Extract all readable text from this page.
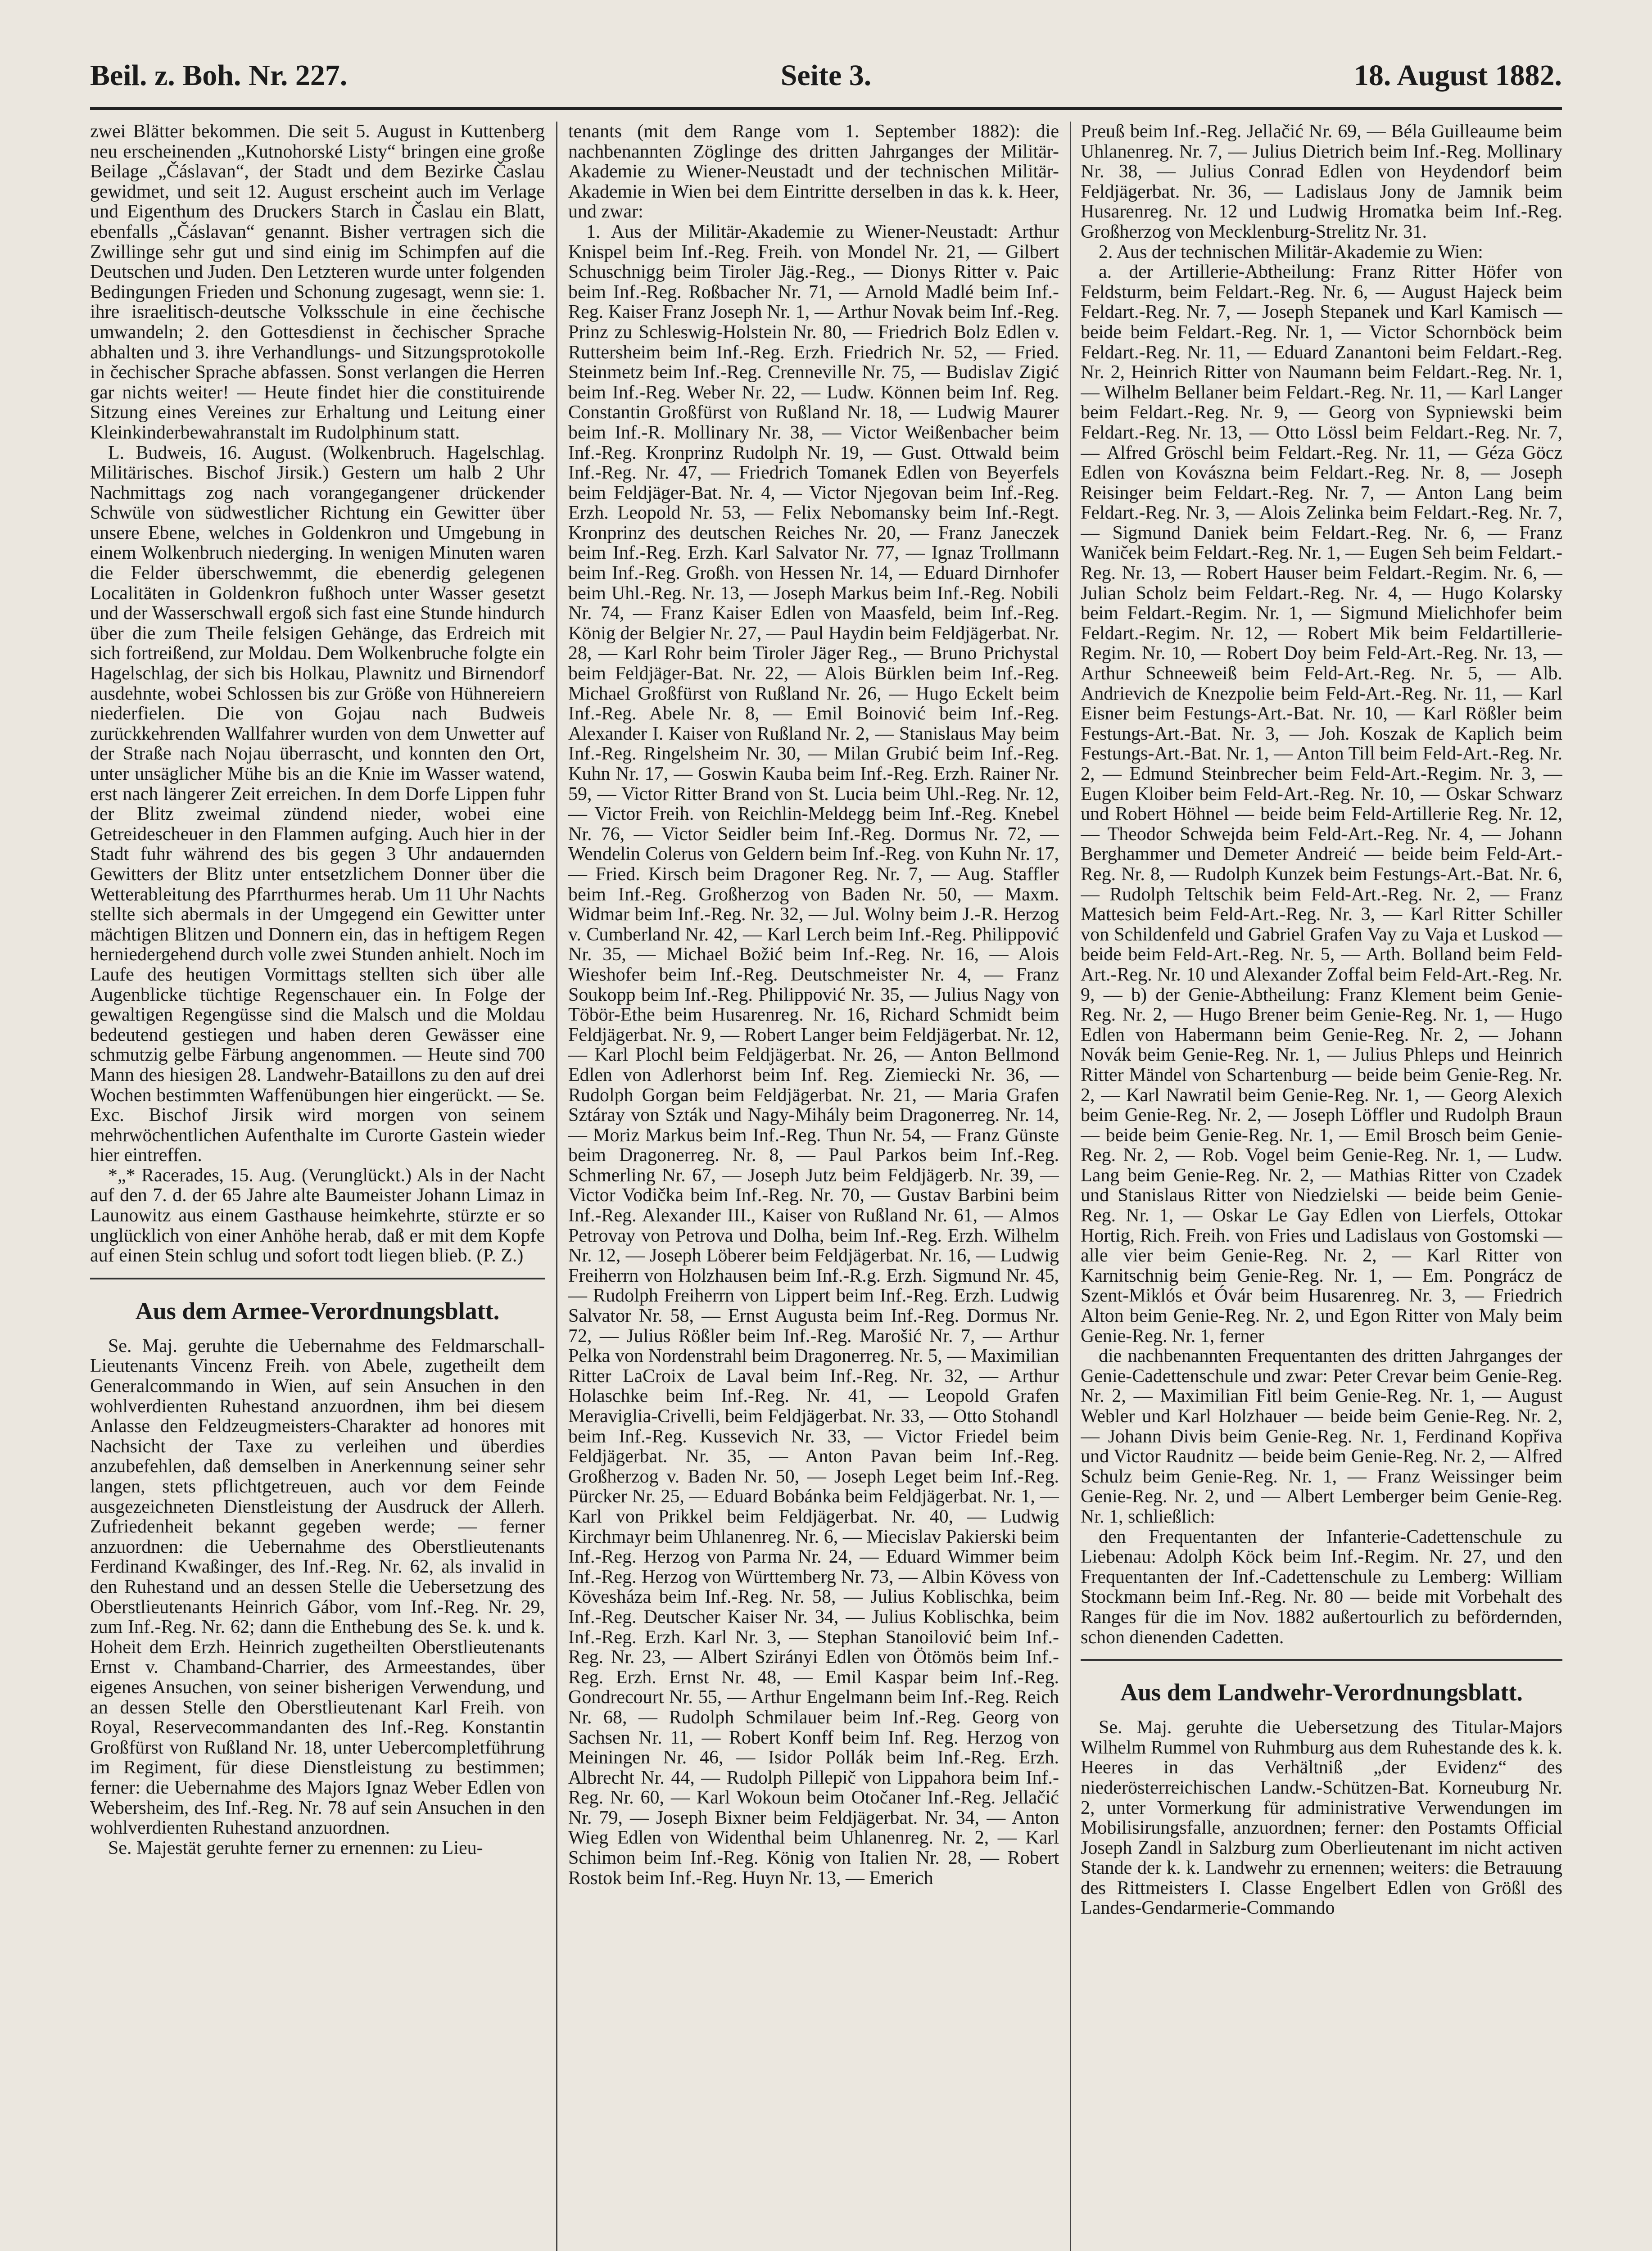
Beil. z. Boh. Nr. 227.	Seite 3.	18. August 1882.

zwei Blätter bekommen. Die seit 5. August in Kuttenberg neu erscheinenden „Kutnohorské Listy“ bringen eine große Beilage „Čáslavan“, der Stadt und dem Bezirke Časlau gewidmet, und seit 12. August erscheint auch im Verlage und Eigenthum des Druckers Starch in Časlau ein Blatt, ebenfalls „Čáslavan“ genannt. Bisher vertragen sich die Zwillinge sehr gut und sind einig im Schimpfen auf die Deutschen und Juden. Den Letzteren wurde unter folgenden Bedingungen Frieden und Schonung zugesagt, wenn sie: 1. ihre israelitisch-deutsche Volksschule in eine čechische umwandeln; 2. den Gottesdienst in čechischer Sprache abhalten und 3. ihre Verhandlungs- und Sitzungsprotokolle in čechischer Sprache abfassen. Sonst verlangen die Herren gar nichts weiter! — Heute findet hier die constituirende Sitzung eines Vereines zur Erhaltung und Leitung einer Kleinkinderbewahranstalt im Rudolphinum statt.

L. Budweis, 16. August. (Wolkenbruch. Hagelschlag. Militärisches. Bischof Jirsik.) Gestern um halb 2 Uhr Nachmittags zog nach vorangegangener drückender Schwüle von südwestlicher Richtung ein Gewitter über unsere Ebene, welches in Goldenkron und Umgebung in einem Wolkenbruch niederging. In wenigen Minuten waren die Felder überschwemmt, die ebenerdig gelegenen Localitäten in Goldenkron fußhoch unter Wasser gesetzt und der Wasserschwall ergoß sich fast eine Stunde hindurch über die zum Theile felsigen Gehänge, das Erdreich mit sich fortreißend, zur Moldau. Dem Wolkenbruche folgte ein Hagelschlag, der sich bis Holkau, Plawnitz und Birnendorf ausdehnte, wobei Schlossen bis zur Größe von Hühnereiern niederfielen. Die von Gojau nach Budweis zurückkehrenden Wallfahrer wurden von dem Unwetter auf der Straße nach Nojau überrascht, und konnten den Ort, unter unsäglicher Mühe bis an die Knie im Wasser watend, erst nach längerer Zeit erreichen. In dem Dorfe Lippen fuhr der Blitz zweimal zündend nieder, wobei eine Getreidescheuer in den Flammen aufging. Auch hier in der Stadt fuhr während des bis gegen 3 Uhr andauernden Gewitters der Blitz unter entsetzlichem Donner über die Wetterableitung des Pfarrthurmes herab. Um 11 Uhr Nachts stellte sich abermals in der Umgegend ein Gewitter unter mächtigen Blitzen und Donnern ein, das in heftigem Regen herniedergehend durch volle zwei Stunden anhielt. Noch im Laufe des heutigen Vormittags stellten sich über alle Augenblicke tüchtige Regenschauer ein. In Folge der gewaltigen Regengüsse sind die Malsch und die Moldau bedeutend gestiegen und haben deren Gewässer eine schmutzig gelbe Färbung angenommen. — Heute sind 700 Mann des hiesigen 28. Landwehr-Bataillons zu den auf drei Wochen bestimmten Waffenübungen hier eingerückt. — Se. Exc. Bischof Jirsik wird morgen von seinem mehrwöchentlichen Aufenthalte im Curorte Gastein wieder hier eintreffen.

*„* Racerades, 15. Aug. (Verunglückt.) Als in der Nacht auf den 7. d. der 65 Jahre alte Baumeister Johann Limaz in Launowitz aus einem Gasthause heimkehrte, stürzte er so unglücklich von einer Anhöhe herab, daß er mit dem Kopfe auf einen Stein schlug und sofort todt liegen blieb. (P. Z.)

Aus dem Armee-Verordnungsblatt.

Se. Maj. geruhte die Uebernahme des Feldmarschall-Lieutenants Vincenz Freih. von Abele, zugetheilt dem Generalcommando in Wien, auf sein Ansuchen in den wohlverdienten Ruhestand anzuordnen, ihm bei diesem Anlasse den Feldzeugmeisters-Charakter ad honores mit Nachsicht der Taxe zu verleihen und überdies anzubefehlen, daß demselben in Anerkennung seiner sehr langen, stets pflichtgetreuen, auch vor dem Feinde ausgezeichneten Dienstleistung der Ausdruck der Allerh. Zufriedenheit bekannt gegeben werde; — ferner anzuordnen: die Uebernahme des Oberstlieutenants Ferdinand Kwaßinger, des Inf.-Reg. Nr. 62, als invalid in den Ruhestand und an dessen Stelle die Uebersetzung des Oberstlieutenants Heinrich Gábor, vom Inf.-Reg. Nr. 29, zum Inf.-Reg. Nr. 62; dann die Enthebung des Se. k. und k. Hoheit dem Erzh. Heinrich zugetheilten Oberstlieutenants Ernst v. Chamband-Charrier, des Armeestandes, über eigenes Ansuchen, von seiner bisherigen Verwendung, und an dessen Stelle den Oberstlieutenant Karl Freih. von Royal, Reservecommandanten des Inf.-Reg. Konstantin Großfürst von Rußland Nr. 18, unter Uebercompletführung im Regiment, für diese Dienstleistung zu bestimmen; ferner: die Uebernahme des Majors Ignaz Weber Edlen von Webersheim, des Inf.-Reg. Nr. 78 auf sein Ansuchen in den wohlverdienten Ruhestand anzuordnen.

Se. Majestät geruhte ferner zu ernennen: zu Lieu-

tenants (mit dem Range vom 1. September 1882): die nachbenannten Zöglinge des dritten Jahrganges der Militär-Akademie zu Wiener-Neustadt und der technischen Militär-Akademie in Wien bei dem Eintritte derselben in das k. k. Heer, und zwar:

1. Aus der Militär-Akademie zu Wiener-Neustadt: Arthur Knispel beim Inf.-Reg. Freih. von Mondel Nr. 21, — Gilbert Schuschnigg beim Tiroler Jäg.-Reg., — Dionys Ritter v. Paic beim Inf.-Reg. Roßbacher Nr. 71, — Arnold Madlé beim Inf.-Reg. Kaiser Franz Joseph Nr. 1, — Arthur Novak beim Inf.-Reg. Prinz zu Schleswig-Holstein Nr. 80, — Friedrich Bolz Edlen v. Ruttersheim beim Inf.-Reg. Erzh. Friedrich Nr. 52, — Fried. Steinmetz beim Inf.-Reg. Crenneville Nr. 75, — Budislav Zigić beim Inf.-Reg. Weber Nr. 22, — Ludw. Können beim Inf. Reg. Constantin Großfürst von Rußland Nr. 18, — Ludwig Maurer beim Inf.-R. Mollinary Nr. 38, — Victor Weißenbacher beim Inf.-Reg. Kronprinz Rudolph Nr. 19, — Gust. Ottwald beim Inf.-Reg. Nr. 47, — Friedrich Tomanek Edlen von Beyerfels beim Feldjäger-Bat. Nr. 4, — Victor Njegovan beim Inf.-Reg. Erzh. Leopold Nr. 53, — Felix Nebomansky beim Inf.-Regt. Kronprinz des deutschen Reiches Nr. 20, — Franz Janeczek beim Inf.-Reg. Erzh. Karl Salvator Nr. 77, — Ignaz Trollmann beim Inf.-Reg. Großh. von Hessen Nr. 14, — Eduard Dirnhofer beim Uhl.-Reg. Nr. 13, — Joseph Markus beim Inf.-Reg. Nobili Nr. 74, — Franz Kaiser Edlen von Maasfeld, beim Inf.-Reg. König der Belgier Nr. 27, — Paul Haydin beim Feldjägerbat. Nr. 28, — Karl Rohr beim Tiroler Jäger Reg., — Bruno Prichystal beim Feldjäger-Bat. Nr. 22, — Alois Bürklen beim Inf.-Reg. Michael Großfürst von Rußland Nr. 26, — Hugo Eckelt beim Inf.-Reg. Abele Nr. 8, — Emil Boinović beim Inf.-Reg. Alexander I. Kaiser von Rußland Nr. 2, — Stanislaus May beim Inf.-Reg. Ringelsheim Nr. 30, — Milan Grubić beim Inf.-Reg. Kuhn Nr. 17, — Goswin Kauba beim Inf.-Reg. Erzh. Rainer Nr. 59, — Victor Ritter Brand von St. Lucia beim Uhl.-Reg. Nr. 12, — Victor Freih. von Reichlin-Meldegg beim Inf.-Reg. Knebel Nr. 76, — Victor Seidler beim Inf.-Reg. Dormus Nr. 72, — Wendelin Colerus von Geldern beim Inf.-Reg. von Kuhn Nr. 17, — Fried. Kirsch beim Dragoner Reg. Nr. 7, — Aug. Staffler beim Inf.-Reg. Großherzog von Baden Nr. 50, — Maxm. Widmar beim Inf.-Reg. Nr. 32, — Jul. Wolny beim J.-R. Herzog v. Cumberland Nr. 42, — Karl Lerch beim Inf.-Reg. Philippović Nr. 35, — Michael Božić beim Inf.-Reg. Nr. 16, — Alois Wieshofer beim Inf.-Reg. Deutschmeister Nr. 4, — Franz Soukopp beim Inf.-Reg. Philippović Nr. 35, — Julius Nagy von Töbör-Ethe beim Husarenreg. Nr. 16, Richard Schmidt beim Feldjägerbat. Nr. 9, — Robert Langer beim Feldjägerbat. Nr. 12, — Karl Plochl beim Feldjägerbat. Nr. 26, — Anton Bellmond Edlen von Adlerhorst beim Inf. Reg. Ziemiecki Nr. 36, — Rudolph Gorgan beim Feldjägerbat. Nr. 21, — Maria Grafen Sztáray von Szták und Nagy-Mihály beim Dragonerreg. Nr. 14, — Moriz Markus beim Inf.-Reg. Thun Nr. 54, — Franz Günste beim Dragonerreg. Nr. 8, — Paul Parkos beim Inf.-Reg. Schmerling Nr. 67, — Joseph Jutz beim Feldjägerb. Nr. 39, — Victor Vodička beim Inf.-Reg. Nr. 70, — Gustav Barbini beim Inf.-Reg. Alexander III., Kaiser von Rußland Nr. 61, — Almos Petrovay von Petrova und Dolha, beim Inf.-Reg. Erzh. Wilhelm Nr. 12, — Joseph Löberer beim Feldjägerbat. Nr. 16, — Ludwig Freiherrn von Holzhausen beim Inf.-R.g. Erzh. Sigmund Nr. 45, — Rudolph Freiherrn von Lippert beim Inf.-Reg. Erzh. Ludwig Salvator Nr. 58, — Ernst Augusta beim Inf.-Reg. Dormus Nr. 72, — Julius Rößler beim Inf.-Reg. Marošić Nr. 7, — Arthur Pelka von Nordenstrahl beim Dragonerreg. Nr. 5, — Maximilian Ritter LaCroix de Laval beim Inf.-Reg. Nr. 32, — Arthur Holaschke beim Inf.-Reg. Nr. 41, — Leopold Grafen Meraviglia-Crivelli, beim Feldjägerbat. Nr. 33, — Otto Stohandl beim Inf.-Reg. Kussevich Nr. 33, — Victor Friedel beim Feldjägerbat. Nr. 35, — Anton Pavan beim Inf.-Reg. Großherzog v. Baden Nr. 50, — Joseph Leget beim Inf.-Reg. Pürcker Nr. 25, — Eduard Bobánka beim Feldjägerbat. Nr. 1, — Karl von Prikkel beim Feldjägerbat. Nr. 40, — Ludwig Kirchmayr beim Uhlanenreg. Nr. 6, — Miecislav Pakierski beim Inf.-Reg. Herzog von Parma Nr. 24, — Eduard Wimmer beim Inf.-Reg. Herzog von Württemberg Nr. 73, — Albin Kövess von Kövesháza beim Inf.-Reg. Nr. 58, — Julius Koblischka, beim Inf.-Reg. Deutscher Kaiser Nr. 34, — Julius Koblischka, beim Inf.-Reg. Erzh. Karl Nr. 3, — Stephan Stanoilović beim Inf.-Reg. Nr. 23, — Albert Szirányi Edlen von Ötömös beim Inf.-Reg. Erzh. Ernst Nr. 48, — Emil Kaspar beim Inf.-Reg. Gondrecourt Nr. 55, — Arthur Engelmann beim Inf.-Reg. Reich Nr. 68, — Rudolph Schmilauer beim Inf.-Reg. Georg von Sachsen Nr. 11, — Robert Konff beim Inf. Reg. Herzog von Meiningen Nr. 46, — Isidor Pollák beim Inf.-Reg. Erzh. Albrecht Nr. 44, — Rudolph Pillepič von Lippahora beim Inf.-Reg. Nr. 60, — Karl Wokoun beim Otočaner Inf.-Reg. Jellačić Nr. 79, — Joseph Bixner beim Feldjägerbat. Nr. 34, — Anton Wieg Edlen von Widenthal beim Uhlanenreg. Nr. 2, — Karl Schimon beim Inf.-Reg. König von Italien Nr. 28, — Robert Rostok beim Inf.-Reg. Huyn Nr. 13, — Emerich

Preuß beim Inf.-Reg. Jellačić Nr. 69, — Béla Guilleaume beim Uhlanenreg. Nr. 7, — Julius Dietrich beim Inf.-Reg. Mollinary Nr. 38, — Julius Conrad Edlen von Heydendorf beim Feldjägerbat. Nr. 36, — Ladislaus Jony de Jamnik beim Husarenreg. Nr. 12 und Ludwig Hromatka beim Inf.-Reg. Großherzog von Mecklenburg-Strelitz Nr. 31.

2. Aus der technischen Militär-Akademie zu Wien:

a. der Artillerie-Abtheilung: Franz Ritter Höfer von Feldsturm, beim Feldart.-Reg. Nr. 6, — August Hajeck beim Feldart.-Reg. Nr. 7, — Joseph Stepanek und Karl Kamisch — beide beim Feldart.-Reg. Nr. 1, — Victor Schornböck beim Feldart.-Reg. Nr. 11, — Eduard Zanantoni beim Feldart.-Reg. Nr. 2, Heinrich Ritter von Naumann beim Feldart.-Reg. Nr. 1, — Wilhelm Bellaner beim Feldart.-Reg. Nr. 11, — Karl Langer beim Feldart.-Reg. Nr. 9, — Georg von Sypniewski beim Feldart.-Reg. Nr. 13, — Otto Lössl beim Feldart.-Reg. Nr. 7, — Alfred Gröschl beim Feldart.-Reg. Nr. 11, — Géza Göcz Edlen von Kovászna beim Feldart.-Reg. Nr. 8, — Joseph Reisinger beim Feldart.-Reg. Nr. 7, — Anton Lang beim Feldart.-Reg. Nr. 3, — Alois Zelinka beim Feldart.-Reg. Nr. 7, — Sigmund Daniek beim Feldart.-Reg. Nr. 6, — Franz Waniček beim Feldart.-Reg. Nr. 1, — Eugen Seh beim Feldart.-Reg. Nr. 13, — Robert Hauser beim Feldart.-Regim. Nr. 6, — Julian Scholz beim Feldart.-Reg. Nr. 4, — Hugo Kolarsky beim Feldart.-Regim. Nr. 1, — Sigmund Mielichhofer beim Feldart.-Regim. Nr. 12, — Robert Mik beim Feldartillerie-Regim. Nr. 10, — Robert Doy beim Feld-Art.-Reg. Nr. 13, — Arthur Schneeweiß beim Feld-Art.-Reg. Nr. 5, — Alb. Andrievich de Knezpolie beim Feld-Art.-Reg. Nr. 11, — Karl Eisner beim Festungs-Art.-Bat. Nr. 10, — Karl Rößler beim Festungs-Art.-Bat. Nr. 3, — Joh. Koszak de Kaplich beim Festungs-Art.-Bat. Nr. 1, — Anton Till beim Feld-Art.-Reg. Nr. 2, — Edmund Steinbrecher beim Feld-Art.-Regim. Nr. 3, — Eugen Kloiber beim Feld-Art.-Reg. Nr. 10, — Oskar Schwarz und Robert Höhnel — beide beim Feld-Artillerie Reg. Nr. 12, — Theodor Schwejda beim Feld-Art.-Reg. Nr. 4, — Johann Berghammer und Demeter Andreić — beide beim Feld-Art.-Reg. Nr. 8, — Rudolph Kunzek beim Festungs-Art.-Bat. Nr. 6, — Rudolph Teltschik beim Feld-Art.-Reg. Nr. 2, — Franz Mattesich beim Feld-Art.-Reg. Nr. 3, — Karl Ritter Schiller von Schildenfeld und Gabriel Grafen Vay zu Vaja et Luskod — beide beim Feld-Art.-Reg. Nr. 5, — Arth. Bolland beim Feld-Art.-Reg. Nr. 10 und Alexander Zoffal beim Feld-Art.-Reg. Nr. 9, — b) der Genie-Abtheilung: Franz Klement beim Genie-Reg. Nr. 2, — Hugo Brener beim Genie-Reg. Nr. 1, — Hugo Edlen von Habermann beim Genie-Reg. Nr. 2, — Johann Novák beim Genie-Reg. Nr. 1, — Julius Phleps und Heinrich Ritter Mändel von Schartenburg — beide beim Genie-Reg. Nr. 2, — Karl Nawratil beim Genie-Reg. Nr. 1, — Georg Alexich beim Genie-Reg. Nr. 2, — Joseph Löffler und Rudolph Braun — beide beim Genie-Reg. Nr. 1, — Emil Brosch beim Genie-Reg. Nr. 2, — Rob. Vogel beim Genie-Reg. Nr. 1, — Ludw. Lang beim Genie-Reg. Nr. 2, — Mathias Ritter von Czadek und Stanislaus Ritter von Niedzielski — beide beim Genie-Reg. Nr. 1, — Oskar Le Gay Edlen von Lierfels, Ottokar Hortig, Rich. Freih. von Fries und Ladislaus von Gostomski — alle vier beim Genie-Reg. Nr. 2, — Karl Ritter von Karnitschnig beim Genie-Reg. Nr. 1, — Em. Pongrácz de Szent-Miklós et Óvár beim Husarenreg. Nr. 3, — Friedrich Alton beim Genie-Reg. Nr. 2, und Egon Ritter von Maly beim Genie-Reg. Nr. 1, ferner

die nachbenannten Frequentanten des dritten Jahrganges der Genie-Cadettenschule und zwar: Peter Crevar beim Genie-Reg. Nr. 2, — Maximilian Fitl beim Genie-Reg. Nr. 1, — August Webler und Karl Holzhauer — beide beim Genie-Reg. Nr. 2, — Johann Divis beim Genie-Reg. Nr. 1, Ferdinand Kopřiva und Victor Raudnitz — beide beim Genie-Reg. Nr. 2, — Alfred Schulz beim Genie-Reg. Nr. 1, — Franz Weissinger beim Genie-Reg. Nr. 2, und — Albert Lemberger beim Genie-Reg. Nr. 1, schließlich:

den Frequentanten der Infanterie-Cadettenschule zu Liebenau: Adolph Köck beim Inf.-Regim. Nr. 27, und den Frequentanten der Inf.-Cadettenschule zu Lemberg: William Stockmann beim Inf.-Reg. Nr. 80 — beide mit Vorbehalt des Ranges für die im Nov. 1882 außertourlich zu befördernden, schon dienenden Cadetten.

Aus dem Landwehr-Verordnungsblatt.

Se. Maj. geruhte die Uebersetzung des Titular-Majors Wilhelm Rummel von Ruhmburg aus dem Ruhestande des k. k. Heeres in das Verhältniß „der Evidenz“ des niederösterreichischen Landw.-Schützen-Bat. Korneuburg Nr. 2, unter Vormerkung für administrative Verwendungen im Mobilisirungsfalle, anzuordnen; ferner: den Postamts Official Joseph Zandl in Salzburg zum Oberlieutenant im nicht activen Stande der k. k. Landwehr zu ernennen; weiters: die Betrauung des Rittmeisters I. Classe Engelbert Edlen von Größl des Landes-Gendarmerie-Commando
